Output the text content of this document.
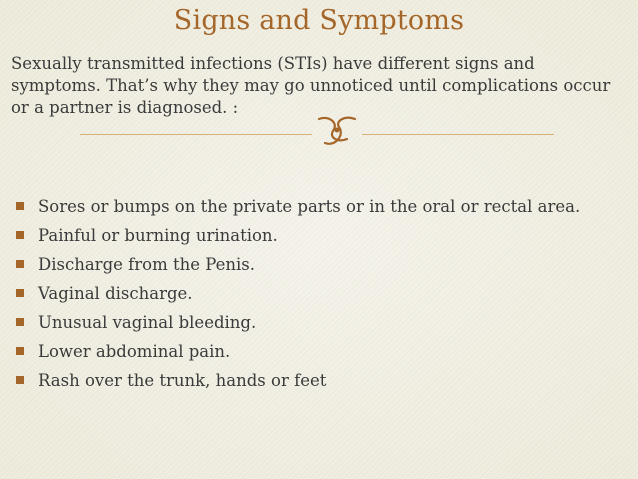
Signs and Symptoms

Sexually transmitted infections (STIs) have different signs and symptoms. That’s why they may go unnoticed until complications occur or a partner is diagnosed. :

Sores or bumps on the private parts or in the oral or rectal area.
Painful or burning urination.
Discharge from the Penis.
Vaginal discharge.
Unusual vaginal bleeding.
Lower abdominal pain.
Rash over the trunk, hands or feet
